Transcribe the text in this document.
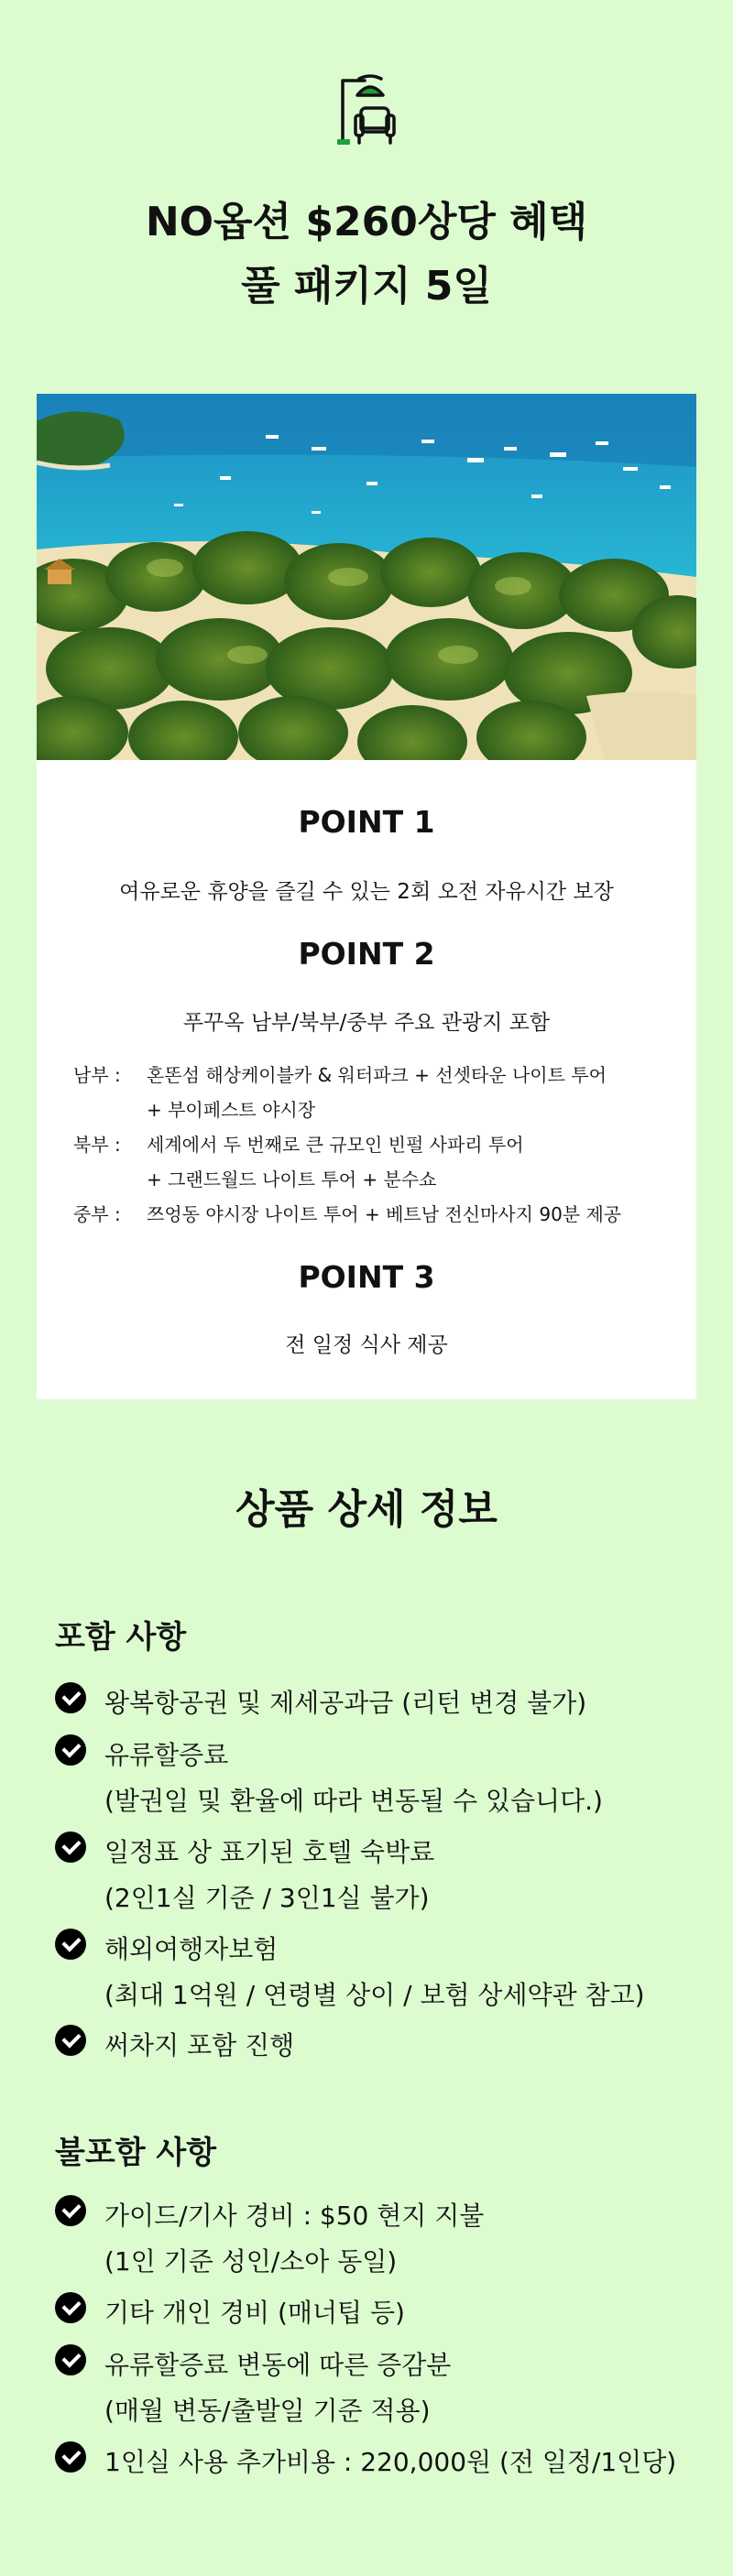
NO옵션 $260상당 혜택
풀 패키지 5일
POINT 1
여유로운 휴양을 즐길 수 있는 2회 오전 자유시간 보장
POINT 2
푸꾸옥 남부/북부/중부 주요 관광지 포함
남부 :	혼똔섬 해상케이블카 & 워터파크 + 선셋타운 나이트 투어
+ 부이페스트 야시장
북부 :	세계에서 두 번째로 큰 규모인 빈펄 사파리 투어
+ 그랜드월드 나이트 투어 + 분수쇼
중부 :	쯔엉동 야시장 나이트 투어 + 베트남 전신마사지 90분 제공
POINT 3
전 일정 식사 제공
상품 상세 정보
포함 사항
왕복항공권 및 제세공과금 (리턴 변경 불가)
유류할증료
(발권일 및 환율에 따라 변동될 수 있습니다.)
일정표 상 표기된 호텔 숙박료
(2인1실 기준 / 3인1실 불가)
해외여행자보험
(최대 1억원 / 연령별 상이 / 보험 상세약관 참고)
써차지 포함 진행
불포함 사항
가이드/기사 경비 : $50 현지 지불
(1인 기준 성인/소아 동일)
기타 개인 경비 (매너팁 등)
유류할증료 변동에 따른 증감분
(매월 변동/출발일 기준 적용)
1인실 사용 추가비용 : 220,000원 (전 일정/1인당)
